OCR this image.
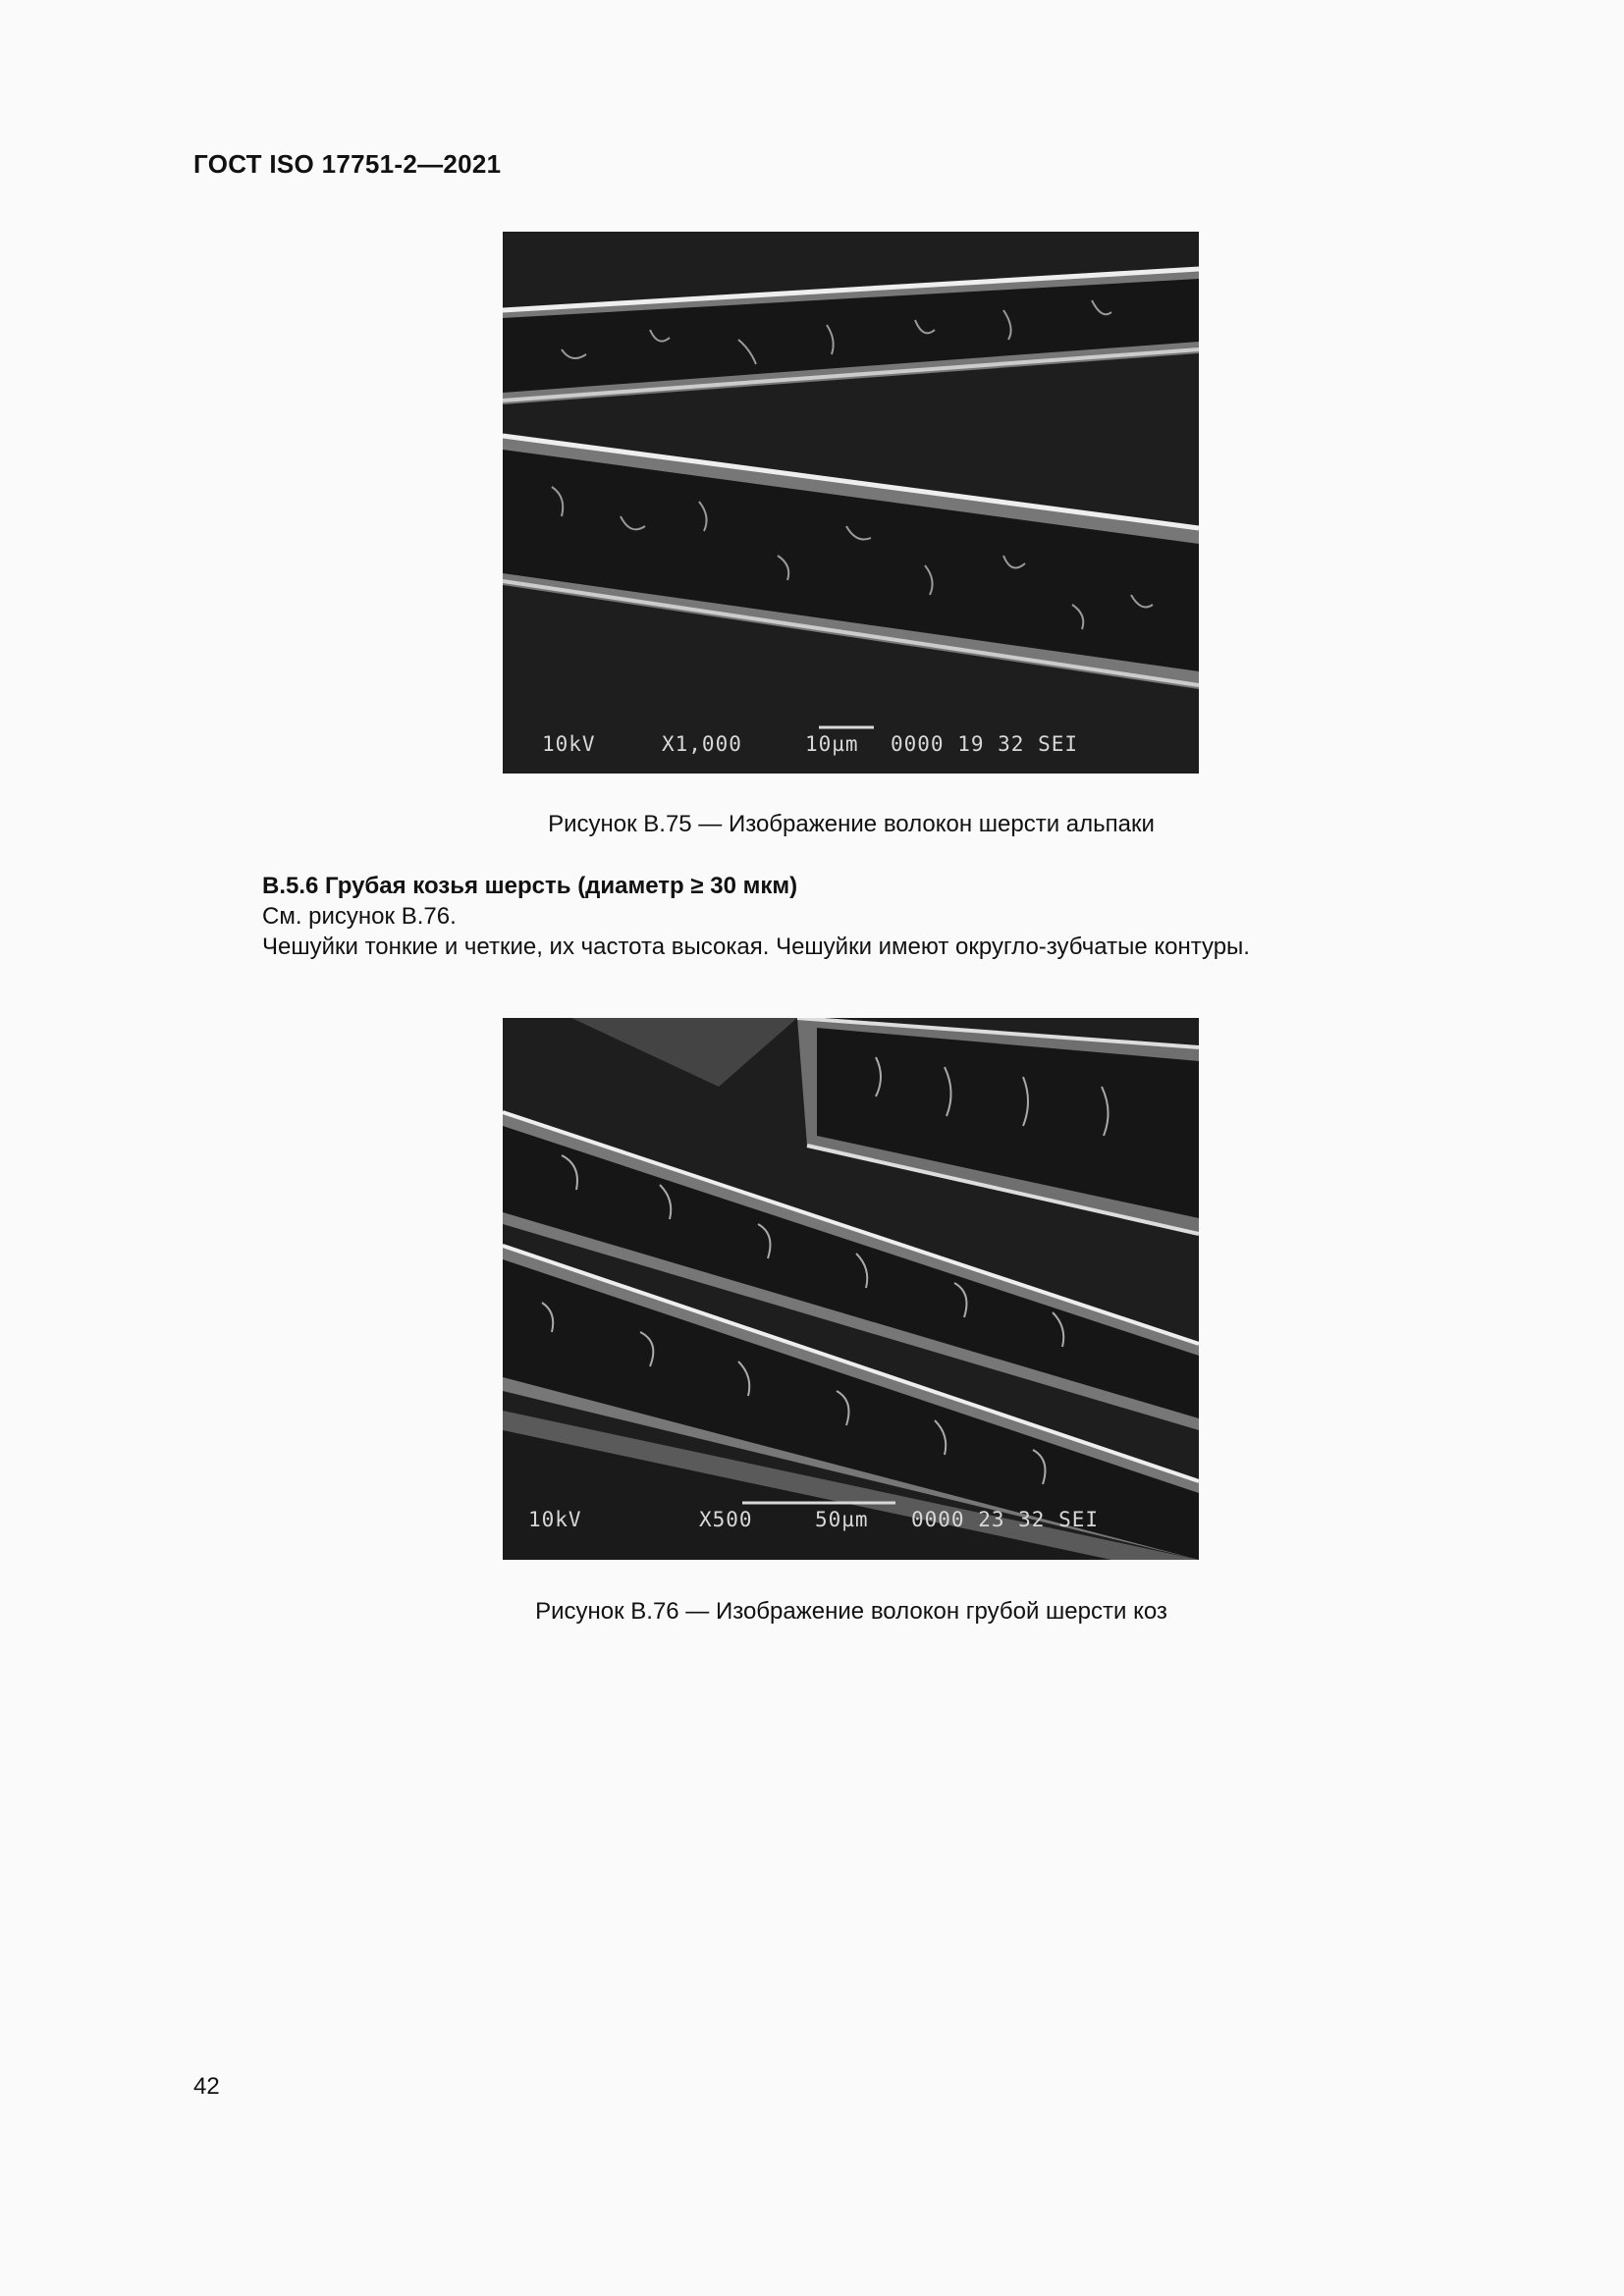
ГОСТ ISO 17751-2—2021
10kV	X1,000	10µm 0000 19 32 SEI
Рисунок B.75 — Изображение волокон шерсти альпаки
B.5.6 Грубая козья шерсть (диаметр ≥ 30 мкм)
См. рисунок B.76.
Чешуйки тонкие и четкие, их частота высокая. Чешуйки имеют округло-зубчатые контуры.
10kV	X500	50µm 0000 23 32 SEI
Рисунок B.76 — Изображение волокон грубой шерсти коз
42
